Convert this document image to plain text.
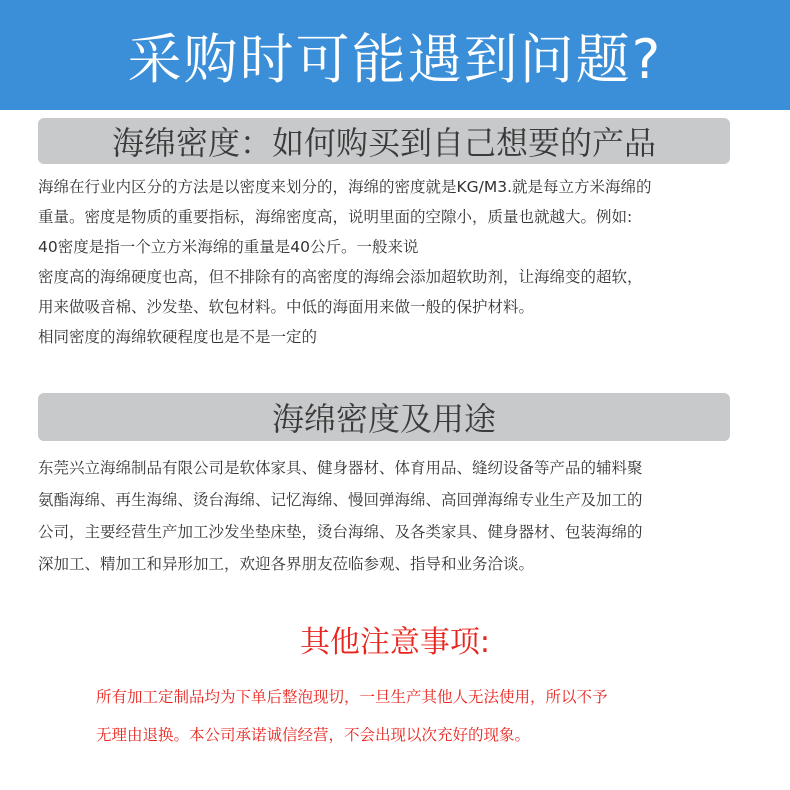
采购时可能遇到问题?
海绵密度：如何购买到自己想要的产品
海绵在行业内区分的方法是以密度来划分的，海绵的密度就是KG/M3.就是每立方米海绵的
重量。密度是物质的重要指标，海绵密度高，说明里面的空隙小，质量也就越大。例如:
40密度是指一个立方米海绵的重量是40公斤。一般来说
密度高的海绵硬度也高，但不排除有的高密度的海绵会添加超软助剂，让海绵变的超软，
用来做吸音棉、沙发垫、软包材料。中低的海面用来做一般的保护材料。
相同密度的海绵软硬程度也是不是一定的
海绵密度及用途
东莞兴立海绵制品有限公司是软体家具、健身器材、体育用品、缝纫设备等产品的辅料聚
氨酯海绵、再生海绵、烫台海绵、记忆海绵、慢回弹海绵、高回弹海绵专业生产及加工的
公司，主要经营生产加工沙发坐垫床垫，烫台海绵、及各类家具、健身器材、包装海绵的
深加工、精加工和异形加工，欢迎各界朋友莅临参观、指导和业务洽谈。
其他注意事项:
所有加工定制品均为下单后整泡现切，一旦生产其他人无法使用，所以不予
无理由退换。本公司承诺诚信经营，不会出现以次充好的现象。
